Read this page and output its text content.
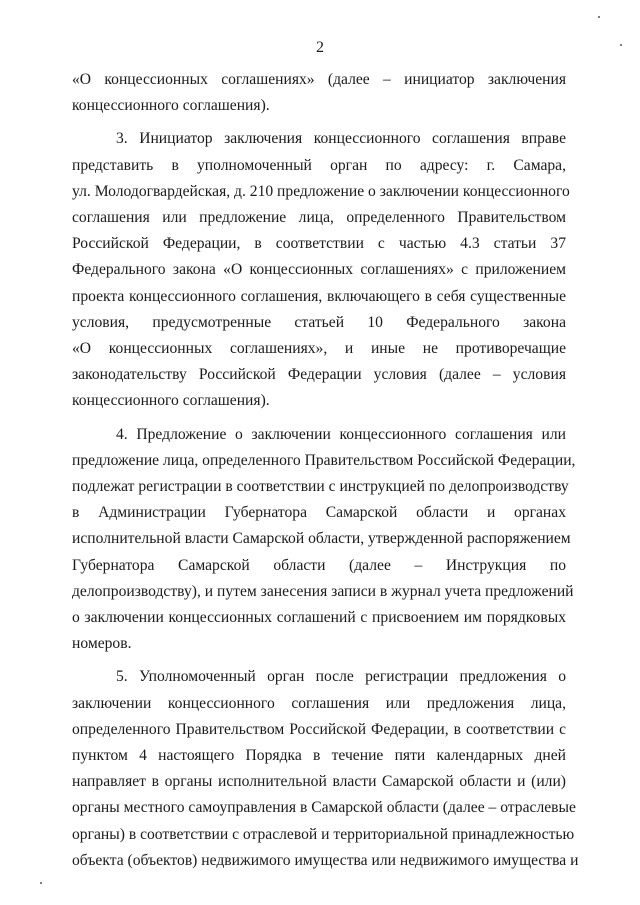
2
«О концессионных соглашениях» (далее – инициатор заключения
концессионного соглашения).
3. Инициатор заключения концессионного соглашения вправе
представить в уполномоченный орган по адресу: г. Самара,
ул. Молодогвардейская, д. 210 предложение о заключении концессионного
соглашения или предложение лица, определенного Правительством
Российской Федерации, в соответствии с частью 4.3 статьи 37
Федерального закона «О концессионных соглашениях» с приложением
проекта концессионного соглашения, включающего в себя существенные
условия, предусмотренные статьей 10 Федерального закона
«О концессионных соглашениях», и иные не противоречащие
законодательству Российской Федерации условия (далее – условия
концессионного соглашения).
4. Предложение о заключении концессионного соглашения или
предложение лица, определенного Правительством Российской Федерации,
подлежат регистрации в соответствии с инструкцией по делопроизводству
в Администрации Губернатора Самарской области и органах
исполнительной власти Самарской области, утвержденной распоряжением
Губернатора Самарской области (далее – Инструкция по
делопроизводству), и путем занесения записи в журнал учета предложений
о заключении концессионных соглашений с присвоением им порядковых
номеров.
5. Уполномоченный орган после регистрации предложения о
заключении концессионного соглашения или предложения лица,
определенного Правительством Российской Федерации, в соответствии с
пунктом 4 настоящего Порядка в течение пяти календарных дней
направляет в органы исполнительной власти Самарской области и (или)
органы местного самоуправления в Самарской области (далее – отраслевые
органы) в соответствии с отраслевой и территориальной принадлежностью
объекта (объектов) недвижимого имущества или недвижимого имущества и
